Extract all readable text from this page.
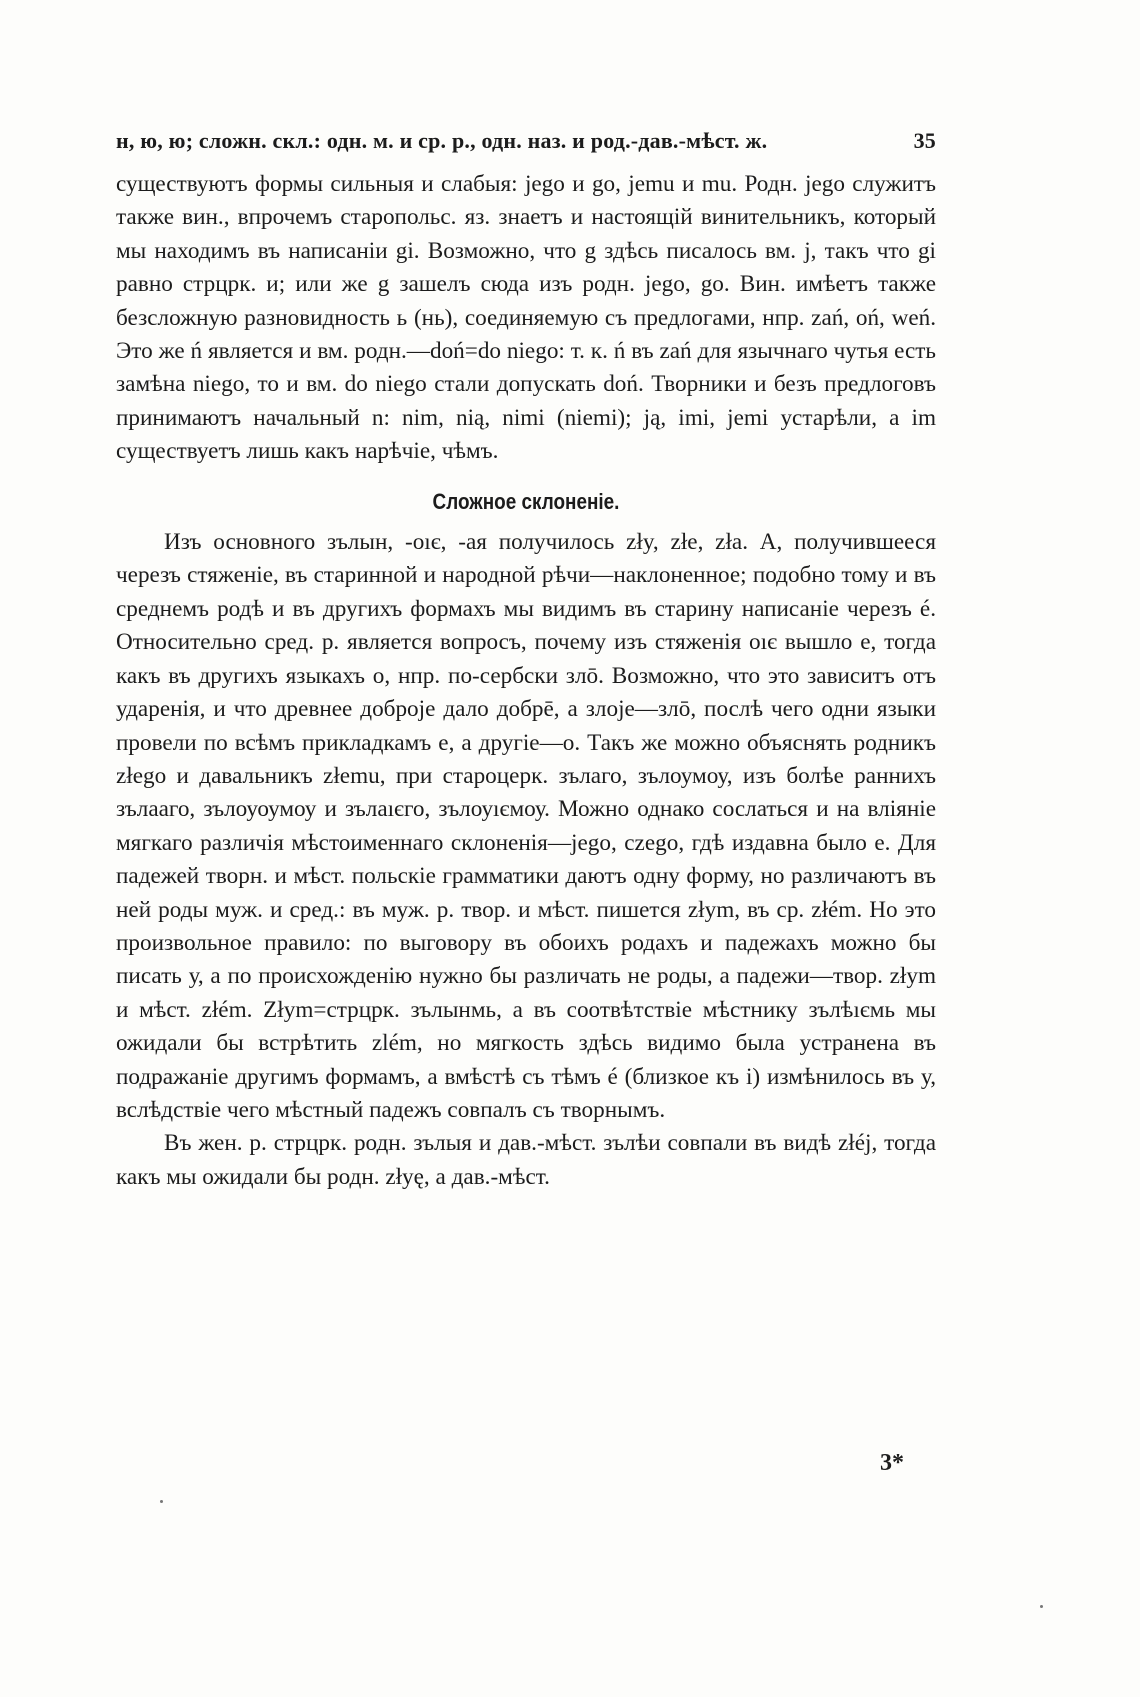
н, ю, ю; сложн. скл.: одн. м. и ср. р., одн. наз. и род.-дав.-мѣст. ж.	35

существуютъ формы сильныя и слабыя: jego и go, jemu и mu. Родн. jego служитъ также вин., впрочемъ старопольс. яз. знаетъ и настоящiй винительникъ, который мы находимъ въ написанiи gi. Возможно, что g здѣсь писалось вм. j, такъ что gi равно стрцрк. и; или же g зашелъ сюда изъ родн. jego, go. Вин. имѣетъ также безсложную разновидность ь (нь), соединяемую съ предлогами, нпр. zań, oń, weń. Это же ń является и вм. родн.—doń=do niego: т. к. ń въ zań для язычнаго чутья есть замѣна niego, то и вм. do niego стали допускать doń. Творники и безъ предлоговъ принимаютъ начальный n: nim, nią, nimi (niemi); ją, imi, jemi устарѣли, а im существуетъ лишь какъ нарѣчiе, чѣмъ.

Сложное склоненiе.

Изъ основного зълын, -оıє, -ая получилось zły, złe, zła. А, получившееся черезъ стяженiе, въ старинной и народной рѣчи—наклоненное; подобно тому и въ среднемъ родѣ и въ другихъ формахъ мы видимъ въ старину написанiе черезъ é. Относительно сред. р. является вопросъ, почему изъ стяженiя оıє вышло е, тогда какъ въ другихъ языкахъ о, нпр. по-сербски злō. Возможно, что это зависитъ отъ ударенiя, и что древнее доброје дало добрē, а злоје—злō, послѣ чего одни языки провели по всѣмъ прикладкамъ е, а другiе—о. Такъ же можно объяснять родникъ złego и давальникъ złemu, при староцерк. зълаго, зълоумоу, изъ болѣе раннихъ зълааго, зълоуоумоу и зълаıєго, зълоуıємоу. Можно однако сослаться и на влiянiе мягкаго различiя мѣстоименнаго склоненiя—jego, czego, гдѣ издавна было е. Для падежей творн. и мѣст. польскiе грамматики даютъ одну форму, но различаютъ въ ней роды муж. и сред.: въ муж. р. твор. и мѣст. пишется złym, въ ср. złém. Но это произвольное правило: по выговору въ обоихъ родахъ и падежахъ можно бы писать у, а по происхожденiю нужно бы различать не роды, а падежи—твор. złym и мѣст. złém. Złym=стрцрк. зълынмь, а въ соотвѣтствiе мѣстнику зълѣıємь мы ожидали бы встрѣтить zlém, но мягкость здѣсь видимо была устранена въ подражанiе другимъ формамъ, а вмѣстѣ съ тѣмъ é (близкое къ i) измѣнилось въ у, вслѣдствiе чего мѣстный падежъ совпалъ съ творнымъ.

Въ жен. р. стрцрк. родн. зълыя и дав.-мѣст. зълѣи совпали въ видѣ złéj, тогда какъ мы ожидали бы родн. złyę, а дав.-мѣст.

3*
